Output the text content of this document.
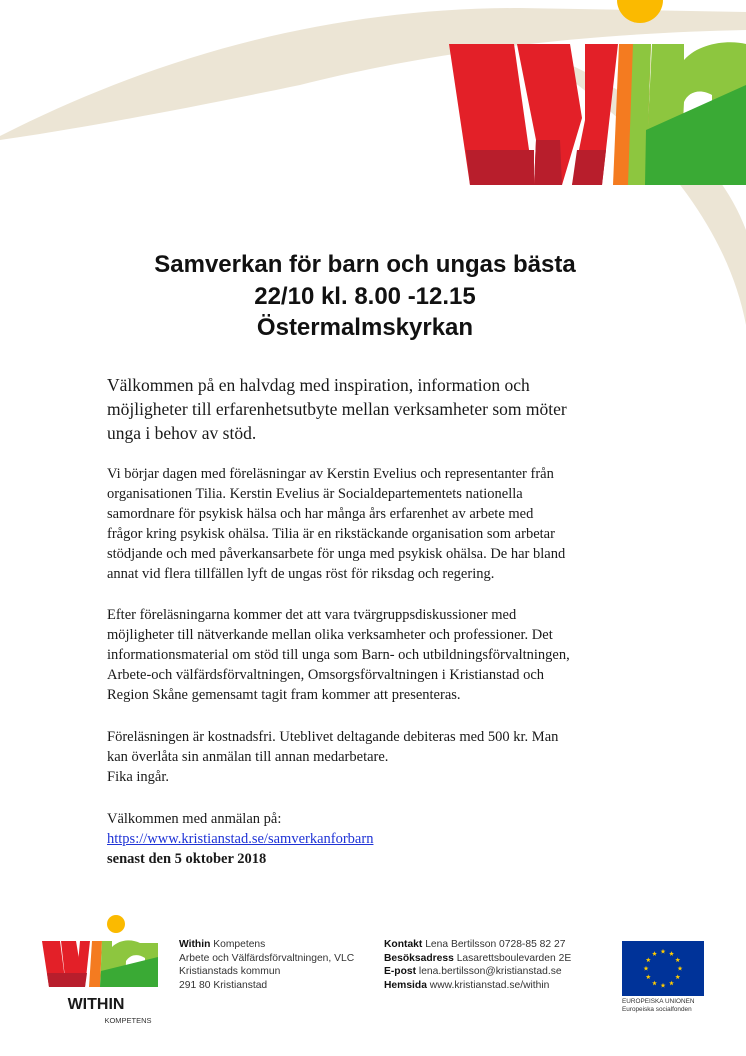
Samverkan för barn och ungas bästa
22/10 kl. 8.00 -12.15
Östermalmskyrkan
Välkommen på en halvdag med inspiration, information och
möjligheter till erfarenhetsutbyte mellan verksamheter som möter
unga i behov av stöd.
Vi börjar dagen med föreläsningar av Kerstin Evelius och representanter från
organisationen Tilia. Kerstin Evelius är Socialdepartementets nationella
samordnare för psykisk hälsa och har många års erfarenhet av arbete med
frågor kring psykisk ohälsa. Tilia är en rikstäckande organisation som arbetar
stödjande och med påverkansarbete för unga med psykisk ohälsa. De har bland
annat vid flera tillfällen lyft de ungas röst för riksdag och regering.
Efter föreläsningarna kommer det att vara tvärgruppsdiskussioner med
möjligheter till nätverkande mellan olika verksamheter och professioner. Det
informationsmaterial om stöd till unga som Barn- och utbildningsförvaltningen,
Arbete-och välfärdsförvaltningen, Omsorgsförvaltningen i Kristianstad och
Region Skåne gemensamt tagit fram kommer att presenteras.
Föreläsningen är kostnadsfri. Uteblivet deltagande debiteras med 500 kr. Man
kan överlåta sin anmälan till annan medarbetare.
Fika ingår.
Välkommen med anmälan på:
https://www.kristianstad.se/samverkanforbarn
senast den 5 oktober 2018
WITHIN
KOMPETENS
Within Kompetens
Arbete och Välfärdsförvaltningen, VLC
Kristianstads kommun
291 80 Kristianstad
Kontakt Lena Bertilsson 0728-85 82 27
Besöksadress Lasarettsboulevarden 2E
E-post lena.bertilsson@kristianstad.se
Hemsida www.kristianstad.se/within
EUROPEISKA UNIONEN
Europeiska socialfonden
